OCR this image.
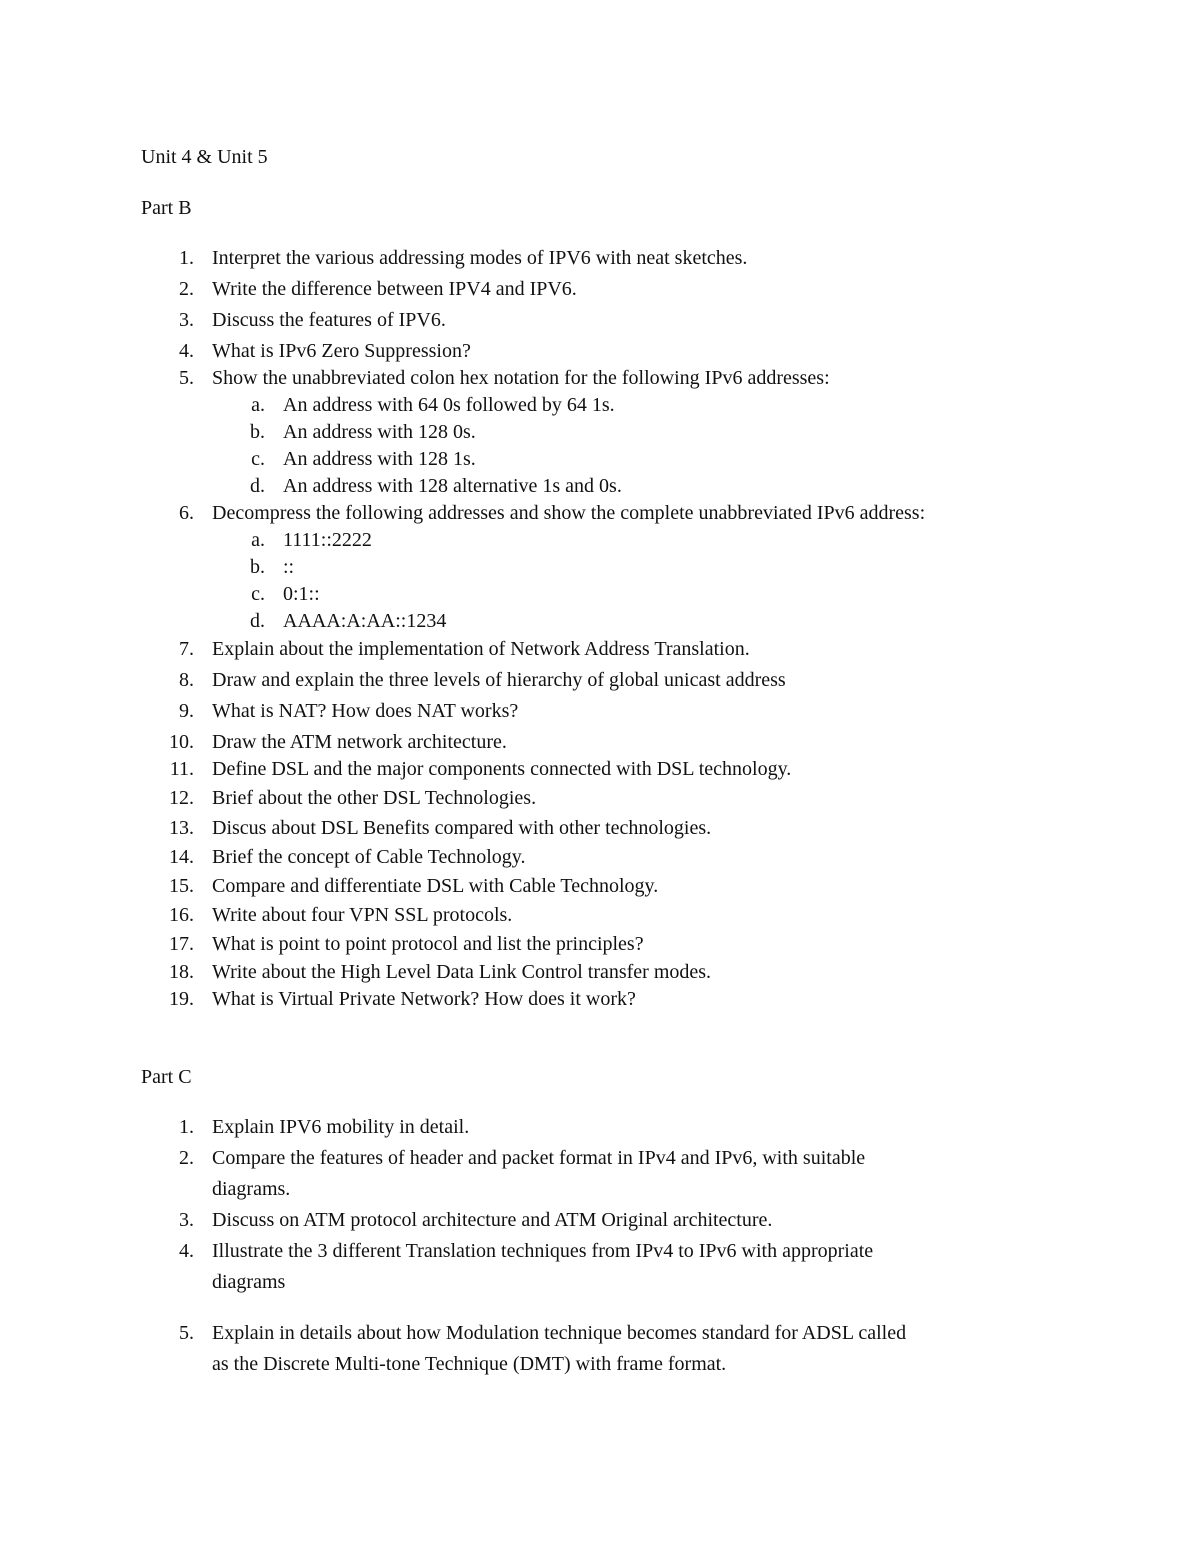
Unit 4 & Unit 5
Part B
1. Interpret the various addressing modes of IPV6 with neat sketches.
2. Write the difference between IPV4 and IPV6.
3. Discuss the features of IPV6.
4. What is IPv6 Zero Suppression?
5. Show the unabbreviated colon hex notation for the following IPv6 addresses:
a. An address with 64 0s followed by 64 1s.
b. An address with 128 0s.
c. An address with 128 1s.
d. An address with 128 alternative 1s and 0s.
6. Decompress the following addresses and show the complete unabbreviated IPv6 address:
a. 1111::2222
b. ::
c. 0:1::
d. AAAA:A:AA::1234
7. Explain about the implementation of Network Address Translation.
8. Draw and explain the three levels of hierarchy of global unicast address
9. What is NAT? How does NAT works?
10. Draw the ATM network architecture.
11. Define DSL and the major components connected with DSL technology.
12. Brief about the other DSL Technologies.
13. Discus about DSL Benefits compared with other technologies.
14. Brief the concept of Cable Technology.
15. Compare and differentiate DSL with Cable Technology.
16. Write about four VPN SSL protocols.
17. What is point to point protocol and list the principles?
18. Write about the High Level Data Link Control transfer modes.
19. What is Virtual Private Network? How does it work?
Part C
1. Explain IPV6 mobility in detail.
2. Compare the features of header and packet format in IPv4 and IPv6, with suitable
diagrams.
3. Discuss on ATM protocol architecture and ATM Original architecture.
4. Illustrate the 3 different Translation techniques from IPv4 to IPv6 with appropriate
diagrams
5. Explain in details about how Modulation technique becomes standard for ADSL called
as the Discrete Multi-tone Technique (DMT) with frame format.
